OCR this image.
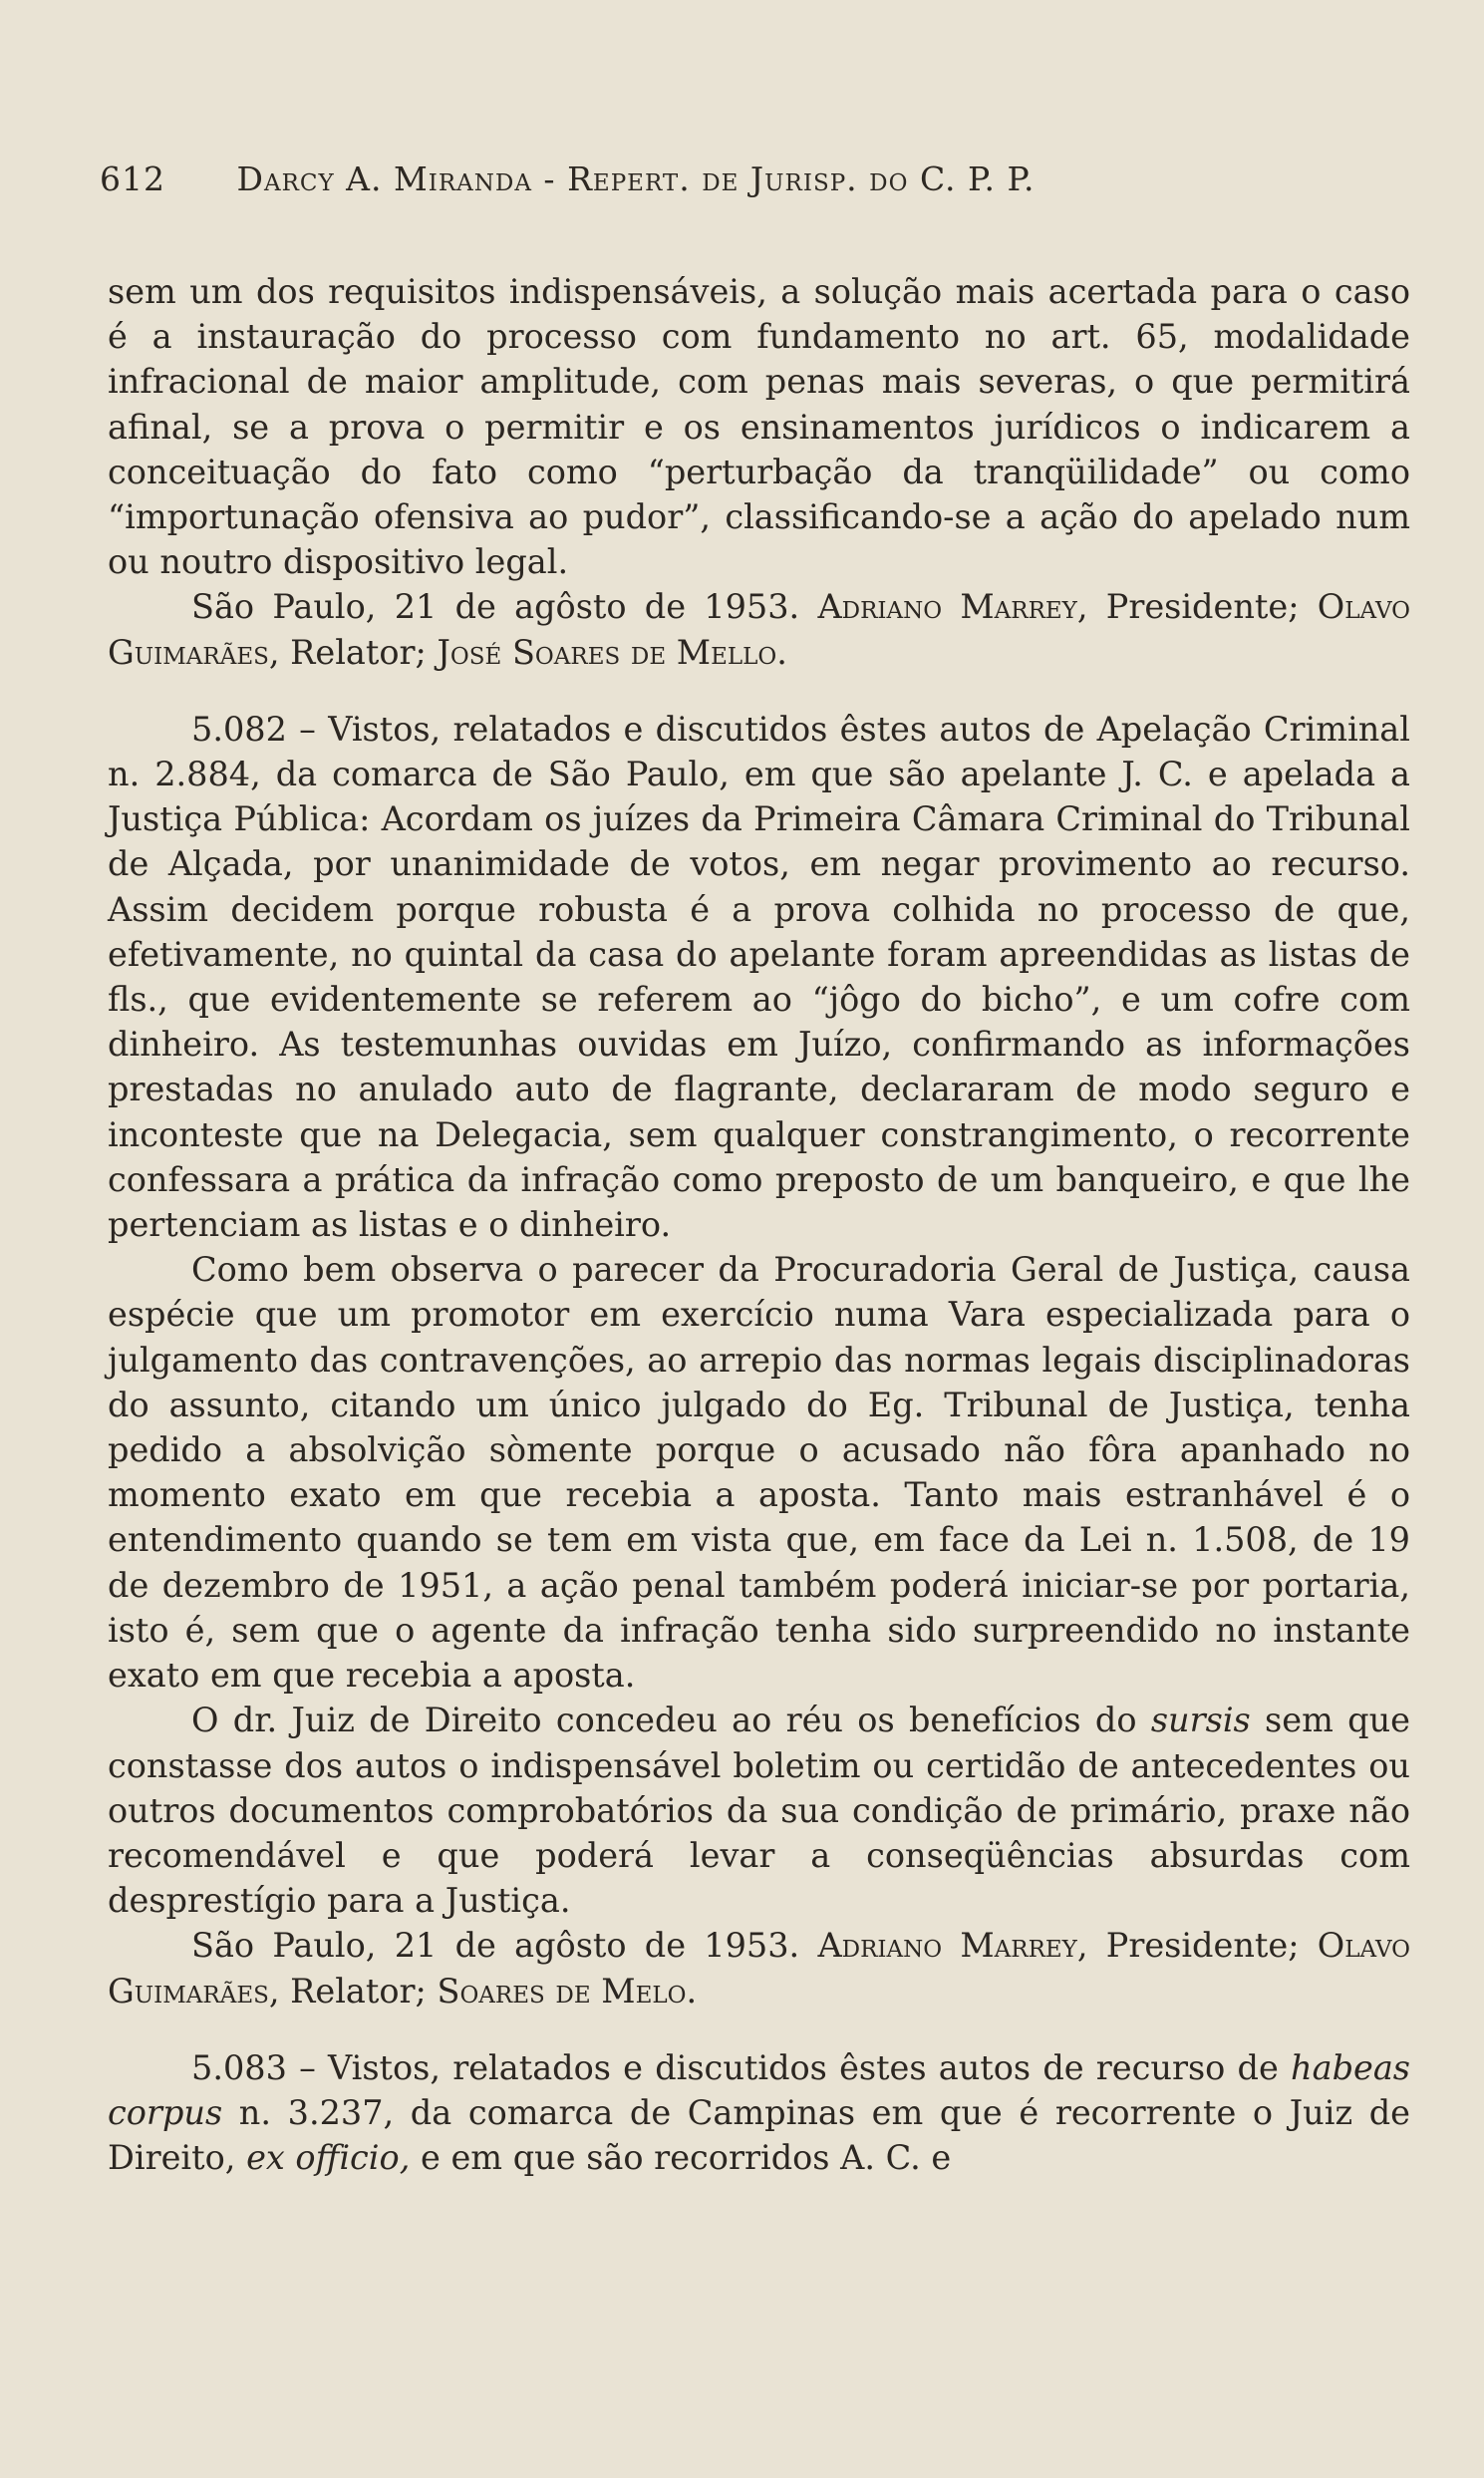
612 Darcy A. Miranda - Repert. de Jurisp. do C. P. P.

sem um dos requisitos indispensáveis, a solução mais acertada para o caso é a instauração do processo com fundamento no art. 65, modalidade infracional de maior amplitude, com penas mais severas, o que permitirá afinal, se a prova o permitir e os ensinamentos jurídicos o indicarem a conceituação do fato como “perturbação da tranqüilidade” ou como “importunação ofensiva ao pudor”, classificando-se a ação do apelado num ou noutro dispositivo legal.

São Paulo, 21 de agôsto de 1953. Adriano Marrey, Presidente; Olavo Guimarães, Relator; José Soares de Mello.

5.082 – Vistos, relatados e discutidos êstes autos de Apelação Criminal n. 2.884, da comarca de São Paulo, em que são apelante J. C. e apelada a Justiça Pública: Acordam os juízes da Primeira Câmara Criminal do Tribunal de Alçada, por unanimidade de votos, em negar provimento ao recurso. Assim decidem porque robusta é a prova colhida no processo de que, efetivamente, no quintal da casa do apelante foram apreendidas as listas de fls., que evidentemente se referem ao “jôgo do bicho”, e um cofre com dinheiro. As testemunhas ouvidas em Juízo, confirmando as informações prestadas no anulado auto de flagrante, declararam de modo seguro e inconteste que na Delegacia, sem qualquer constrangimento, o recorrente confessara a prática da infração como preposto de um banqueiro, e que lhe pertenciam as listas e o dinheiro.

Como bem observa o parecer da Procuradoria Geral de Justiça, causa espécie que um promotor em exercício numa Vara especializada para o julgamento das contravenções, ao arrepio das normas legais disciplinadoras do assunto, citando um único julgado do Eg. Tribunal de Justiça, tenha pedido a absolvição sòmente porque o acusado não fôra apanhado no momento exato em que recebia a aposta. Tanto mais estranhável é o entendimento quando se tem em vista que, em face da Lei n. 1.508, de 19 de dezembro de 1951, a ação penal também poderá iniciar-se por portaria, isto é, sem que o agente da infração tenha sido surpreendido no instante exato em que recebia a aposta.

O dr. Juiz de Direito concedeu ao réu os benefícios do sursis sem que constasse dos autos o indispensável boletim ou certidão de antecedentes ou outros documentos comprobatórios da sua condição de primário, praxe não recomendável e que poderá levar a conseqüências absurdas com desprestígio para a Justiça.

São Paulo, 21 de agôsto de 1953. Adriano Marrey, Presidente; Olavo Guimarães, Relator; Soares de Melo.

5.083 – Vistos, relatados e discutidos êstes autos de recurso de habeas corpus n. 3.237, da comarca de Campinas em que é recorrente o Juiz de Direito, ex officio, e em que são recorridos A. C. e
